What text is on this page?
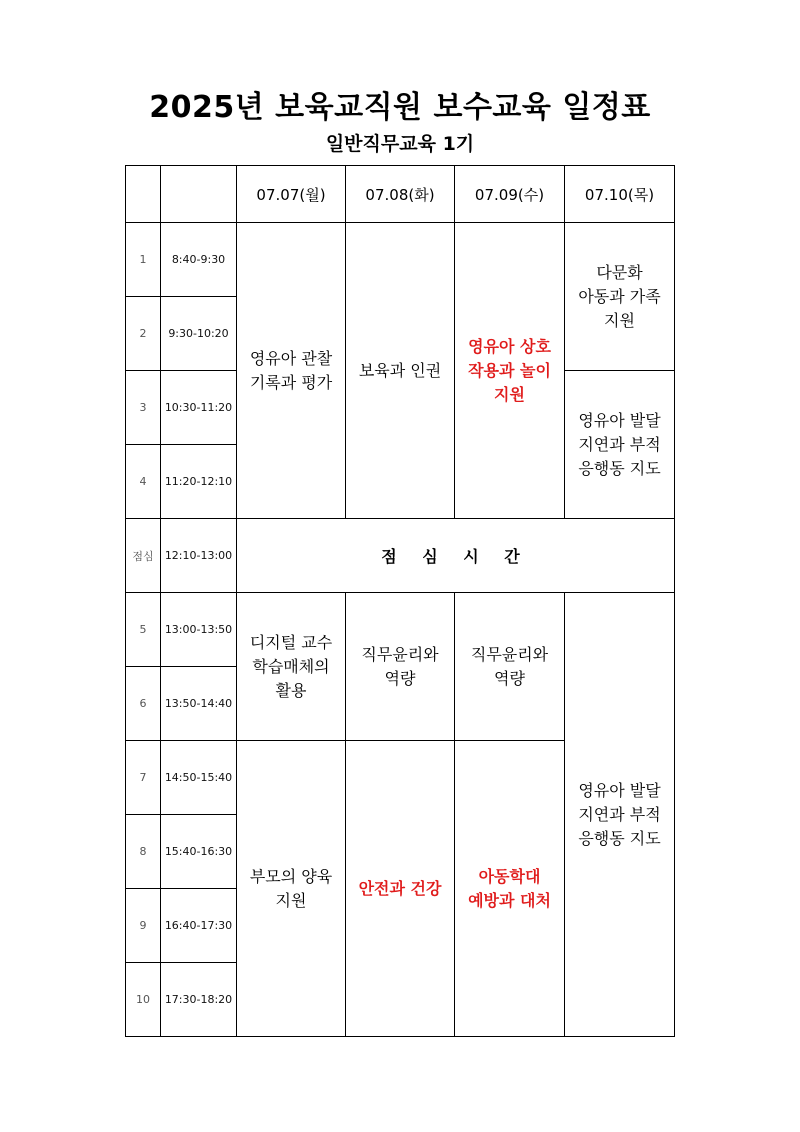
2025년 보육교직원 보수교육 일정표
일반직무교육 1기
		07.07(월)	07.08(화)	07.09(수)	07.10(목)
1	8:40-9:30	영유아 관찰 기록과 평가	보육과 인권	영유아 상호 작용과 놀이 지원	다문화 아동과 가족 지원
2	9:30-10:20				
3	10:30-11:20				영유아 발달 지연과 부적 응행동 지도
4	11:20-12:10				
점심	12:10-13:00	점 심 시 간			
5	13:00-13:50	디지털 교수 학습매체의 활용	직무윤리와 역량	직무윤리와 역량	영유아 발달 지연과 부적 응행동 지도
6	13:50-14:40				
7	14:50-15:40	부모의 양육 지원	안전과 건강	아동학대 예방과 대처	
8	15:40-16:30				
9	16:40-17:30				
10	17:30-18:20				
